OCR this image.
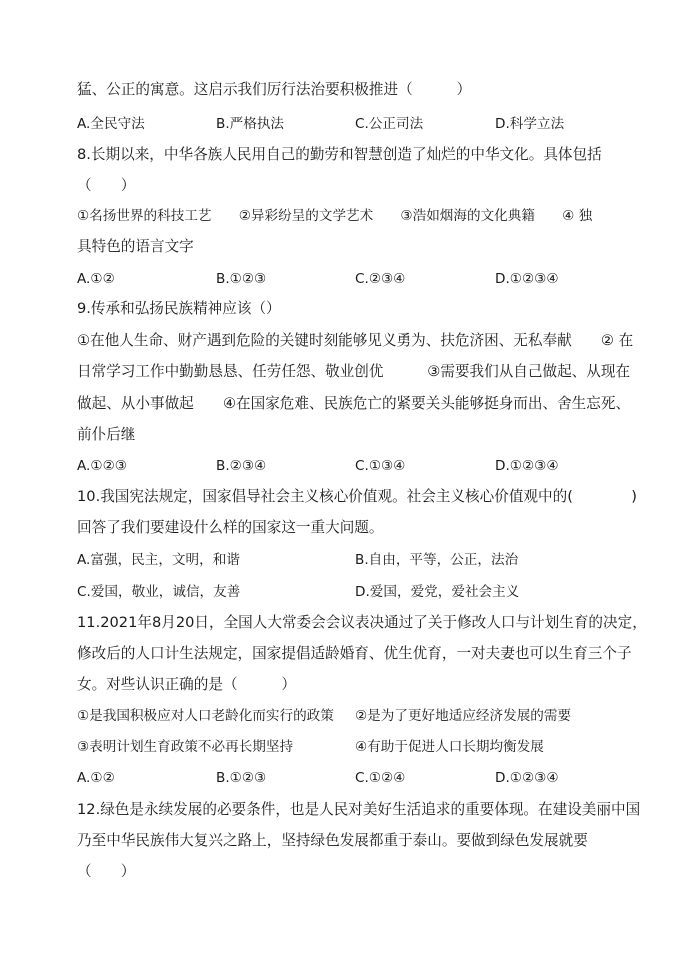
猛、公正的寓意。这启示我们厉行法治要积极推进（　　　）
A.全民守法	B.严格执法	C.公正司法	D.科学立法
8.长期以来，中华各族人民用自己的勤劳和智慧创造了灿烂的中华文化。具体包括
（　　）
①名扬世界的科技工艺　　②异彩纷呈的文学艺术　　③浩如烟海的文化典籍　　④ 独
具特色的语言文字
A.①②	B.①②③	C.②③④	D.①②③④
9.传承和弘扬民族精神应该（）
①在他人生命、财产遇到危险的关键时刻能够见义勇为、扶危济困、无私奉献　　② 在
日常学习工作中勤勤恳恳、任劳任怨、敬业创优　　　③需要我们从自己做起、从现在
做起、从小事做起　　④在国家危难、民族危亡的紧要关头能够挺身而出、舍生忘死、
前仆后继
A.①②③	B.②③④	C.①③④	D.①②③④
10.我国宪法规定，国家倡导社会主义核心价值观。社会主义核心价值观中的(　　　　)
回答了我们要建设什么样的国家这一重大问题。
A.富强，民主，文明，和谐	B.自由，平等，公正，法治
C.爱国，敬业，诚信，友善	D.爱国，爱党，爱社会主义
11.2021年8月20日，全国人大常委会会议表决通过了关于修改人口与计划生育的决定，
修改后的人口计生法规定，国家提倡适龄婚育、优生优育，一对夫妻也可以生育三个子
女。对些认识正确的是（　　　）
①是我国积极应对人口老龄化而实行的政策 ②是为了更好地适应经济发展的需要
③表明计划生育政策不必再长期坚持	④有助于促进人口长期均衡发展
A.①②	B.①②③	C.①②④	D.①②③④
12.绿色是永续发展的必要条件，也是人民对美好生活追求的重要体现。在建设美丽中国
乃至中华民族伟大复兴之路上，坚持绿色发展都重于泰山。要做到绿色发展就要
（　　）
